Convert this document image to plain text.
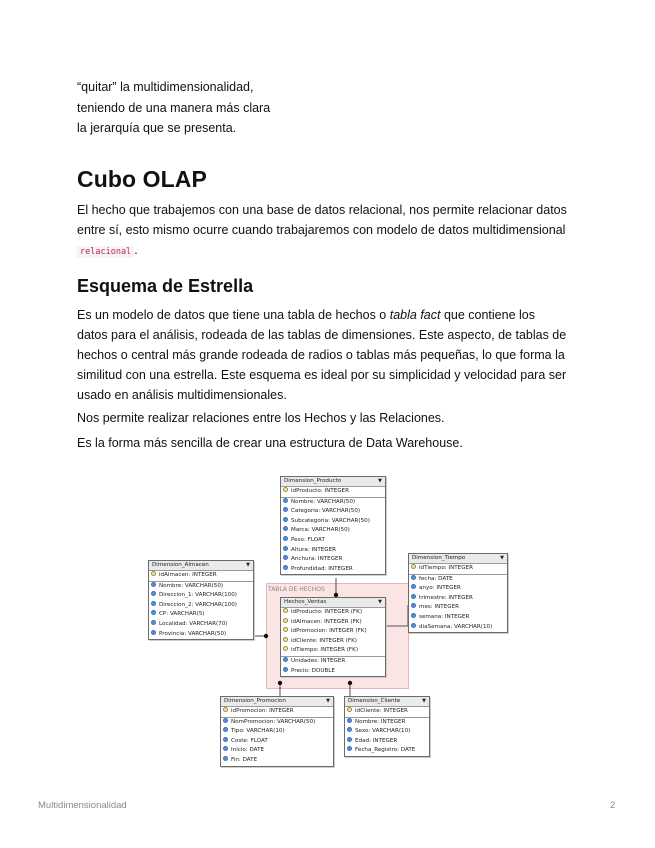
“quitar” la multidimensionalidad,
teniendo de una manera más clara
la jerarquía que se presenta.
Cubo OLAP

El hecho que trabajemos con una base de datos relacional, nos permite relacionar datos entre sí, esto mismo ocurre cuando trabajaremos con modelo de datos multidimensional relacional .

Esquema de Estrella

Es un modelo de datos que tiene una tabla de hechos o tabla fact que contiene los datos para el análisis, rodeada de las tablas de dimensiones. Este aspecto, de tablas de hechos o central más grande rodeada de radios o tablas más pequeñas, lo que forma la similitud con una estrella. Este esquema es ideal por su simplicidad y velocidad para ser usado en análisis multidimensionales.

Nos permite realizar relaciones entre los Hechos y las Relaciones.

Es la forma más sencilla de crear una estructura de Data Warehouse.

TABLA DE HECHOS
Dimension_Producto	▼
idProducto: INTEGER
Nombre: VARCHAR(50)
Categoria: VARCHAR(50)
Subcategoria: VARCHAR(50)
Marca: VARCHAR(50)
Peso: FLOAT
Altura: INTEGER
Anchura: INTEGER
Profundidad: INTEGER
Dimension_Almacen	▼
idAlmacen: INTEGER
Nombre: VARCHAR(50)
Direccion_1: VARCHAR(100)
Direccion_2: VARCHAR(100)
CP: VARCHAR(5)
Localidad: VARCHAR(70)
Provincia: VARCHAR(50)
Dimension_Tiempo	▼
idTiempo: INTEGER
fecha: DATE
anyo: INTEGER
trimestre: INTEGER
mes: INTEGER
semana: INTEGER
diaSemana: VARCHAR(10)
Hechos_Ventas	▼
idProducto: INTEGER (FK)
idAlmacen: INTEGER (FK)
idPromocion: INTEGER (FK)
idCliente: INTEGER (FK)
idTiempo: INTEGER (FK)
Unidades: INTEGER
Precio: DOUBLE
Dimension_Promocion	▼
idPromocion: INTEGER
NomPromocion: VARCHAR(50)
Tipo: VARCHAR(10)
Coste: FLOAT
Inicio: DATE
Fin: DATE
Dimension_Cliente	▼
idCliente: INTEGER
Nombre: INTEGER
Sexo: VARCHAR(10)
Edad: INTEGER
Fecha_Registro: DATE
Multidimensionalidad	2
